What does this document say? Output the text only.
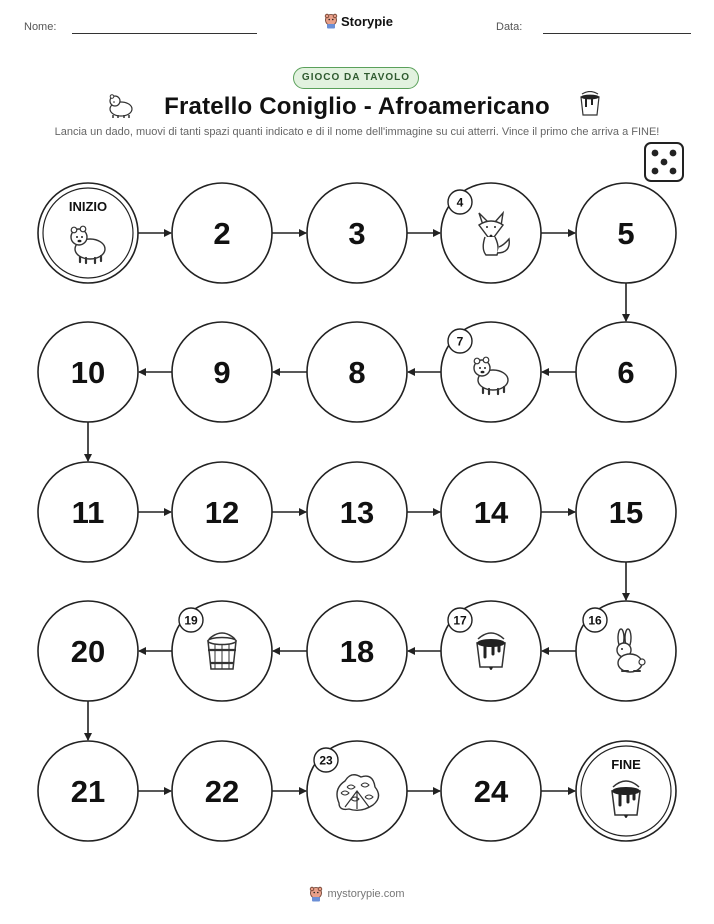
Nome:	Storypie	Data:
GIOCO DA TAVOLO
Fratello Coniglio - Afroamericano
Lancia un dado, muovi di tanti spazi quanti indicato e di il nome dell'immagine su cui atterri. Vince il primo che arriva a FINE!
INIZIO
2	3
4
5
6
7
8
9
10
11	12	13	14	15
16
17
18
19
20
21	22
23
24
FINE
mystorypie.com
